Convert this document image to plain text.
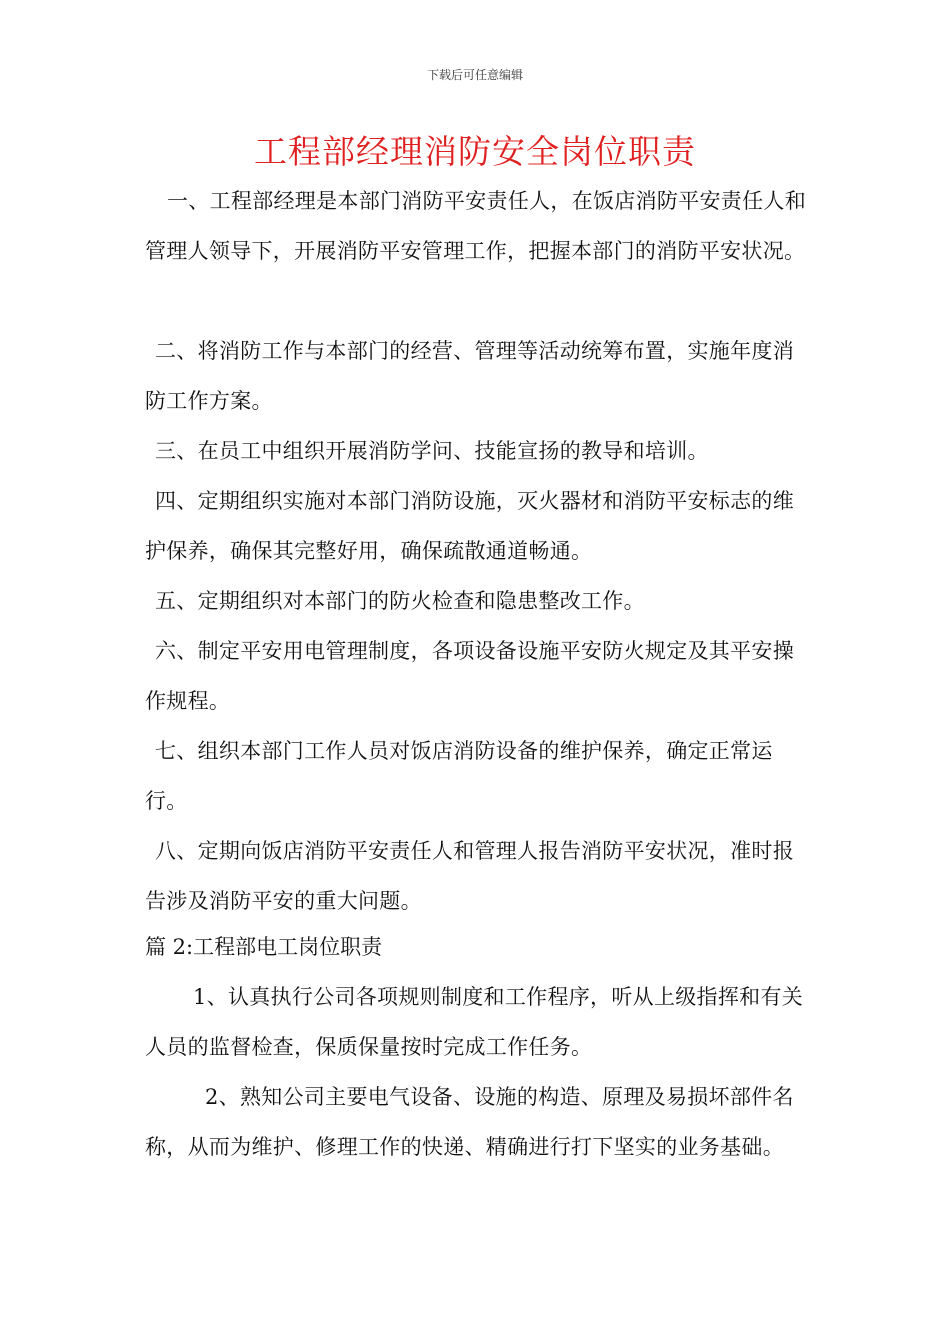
下载后可任意编辑
工程部经理消防安全岗位职责

一、工程部经理是本部门消防平安责任人，在饭店消防平安责任人和管理人领导下，开展消防平安管理工作，把握本部门的消防平安状况。

二、将消防工作与本部门的经营、管理等活动统筹布置，实施年度消防工作方案。

三、在员工中组织开展消防学问、技能宣扬的教导和培训。

四、定期组织实施对本部门消防设施，灭火器材和消防平安标志的维护保养，确保其完整好用，确保疏散通道畅通。

五、定期组织对本部门的防火检查和隐患整改工作。

六、制定平安用电管理制度，各项设备设施平安防火规定及其平安操作规程。

七、组织本部门工作人员对饭店消防设备的维护保养，确定正常运行。

八、定期向饭店消防平安责任人和管理人报告消防平安状况，准时报告涉及消防平安的重大问题。

篇 2:工程部电工岗位职责

1、认真执行公司各项规则制度和工作程序，听从上级指挥和有关人员的监督检查，保质保量按时完成工作任务。

2、熟知公司主要电气设备、设施的构造、原理及易损坏部件名称，从而为维护、修理工作的快递、精确进行打下坚实的业务基础。
